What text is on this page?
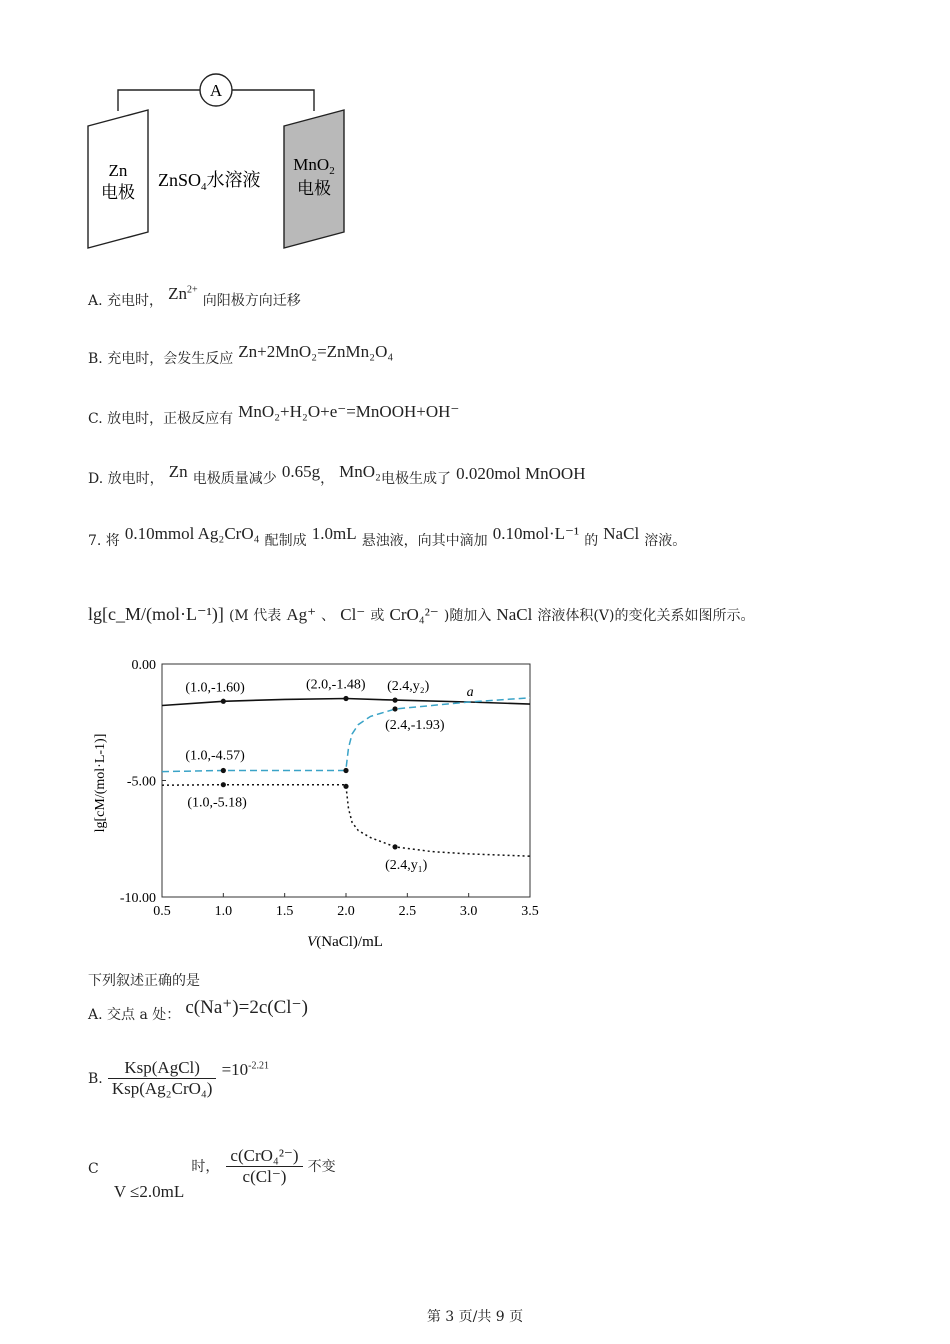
A
Zn
电极
ZnSO$_4$水溶液
MnO$_2$
电极
A. 充电时， $Zn^{2+}$ 向阳极方向迁移
B. 充电时，会发生反应 Zn+2MnO₂=ZnMn₂O₄
C. 放电时，正极反应有 MnO₂+H₂O+e⁻=MnOOH+OH⁻
D. 放电时， Zn 电极质量减少 0.65g， MnO₂电极生成了 0.020mol MnOOH
7. 将 0.10mmol Ag₂CrO₄ 配制成 1.0mL 悬浊液，向其中滴加 0.10mol·L⁻¹ 的 NaCl 溶液。
lg[c_M/(mol·L⁻¹)] (M 代表 Ag⁺ 、 Cl⁻ 或 CrO₄²⁻ )随加入 NaCl 溶液体积(V)的变化关系如图所示。
(1.0,-1.60)	(2.0,-1.48) (2.4,y₂)	a
(2.4,-1.93)
(1.0,-4.57)
(1.0,-5.18)
(2.4,y₁)
0.5	1.0	1.5	2.0	2.5	3.0	3.5
0.00
-5.00
-10.00
V(NaCl)/mL
lg[cM/(mol·L-1)]
下列叙述正确的是
A. 交点 a 处： c(Na⁺)=2c(Cl⁻)
B. $\frac{\text{Ksp(AgCl)}}{\text{Ksp(Ag₂CrO₄)}} =10^{-2.21}$
C V ≤2.0mL 时， $\frac{\text{c(CrO₄²⁻)}}{c(Cl^-)}$ 不变
第 3 页/共 9 页
